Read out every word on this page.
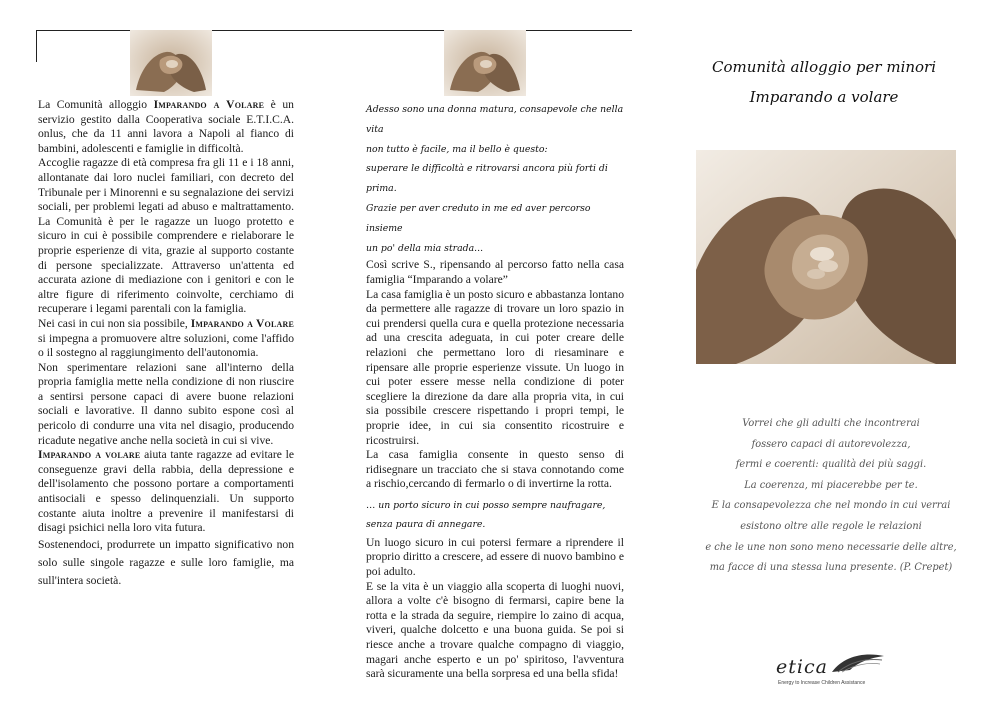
La Comunità alloggio Imparando a Volare è un servizio gestito dalla Cooperativa sociale E.T.I.C.A. onlus, che da 11 anni lavora a Napoli al fianco di bambini, adolescenti e famiglie in difficoltà.

Accoglie ragazze di età compresa fra gli 11 e i 18 anni, allontanate dai loro nuclei familiari, con decreto del Tribunale per i Minorenni e su segnalazione dei servizi sociali, per problemi legati ad abuso e maltrattamento. La Comunità è per le ragazze un luogo protetto e sicuro in cui è possibile comprendere e rielaborare le proprie esperienze di vita, grazie al supporto costante di persone specializzate. Attraverso un'attenta ed accurata azione di mediazione con i genitori e con le altre figure di riferimento coinvolte, cerchiamo di recuperare i legami parentali con la famiglia.

Nei casi in cui non sia possibile, Imparando a Volare si impegna a promuovere altre soluzioni, come l'affido o il sostegno al raggiungimento dell'autonomia.

Non sperimentare relazioni sane all'interno della propria famiglia mette nella condizione di non riuscire a sentirsi persone capaci di avere buone relazioni sociali e lavorative. Il danno subito espone così al pericolo di condurre una vita nel disagio, producendo ricadute negative anche nella società in cui si vive.

Imparando a volare aiuta tante ragazze ad evitare le conseguenze gravi della rabbia, della depressione e dell'isolamento che possono portare a comportamenti antisociali e spesso delinquenziali. Un supporto costante aiuta inoltre a prevenire il manifestarsi di disagi psichici nella loro vita futura.

Sostenendoci, produrrete un impatto significativo non solo sulle singole ragazze e sulle loro famiglie, ma sull'intera società.

Adesso sono una donna matura, consapevole che nella vita
non tutto è facile, ma il bello è questo:
superare le difficoltà e ritrovarsi ancora più forti di prima.
Grazie per aver creduto in me ed aver percorso insieme
un po' della mia strada...

Così scrive S., ripensando al percorso fatto nella casa famiglia “Imparando a volare”

La casa famiglia è un posto sicuro e abbastanza lontano da permettere alle ragazze di trovare un loro spazio in cui prendersi quella cura e quella protezione necessaria ad una crescita adeguata, in cui poter creare delle relazioni che permettano loro di riesaminare e ripensare alle proprie esperienze vissute. Un luogo in cui poter essere messe nella condizione di poter scegliere la direzione da dare alla propria vita, in cui sia possibile crescere rispettando i propri tempi, le proprie idee, in cui sia consentito ricostruire e ricostruirsi.

La casa famiglia consente in questo senso di ridisegnare un tracciato che si stava connotando come a rischio,cercando di fermarlo o di invertirne la rotta.

… un porto sicuro in cui posso sempre naufragare,
senza paura di annegare.

Un luogo sicuro in cui potersi fermare a riprendere il proprio diritto a crescere, ad essere di nuovo bambino e poi adulto.

E se la vita è un viaggio alla scoperta di luoghi nuovi, allora a volte c'è bisogno di fermarsi, capire bene la rotta e la strada da seguire, riempire lo zaino di acqua, viveri, qualche dolcetto e una buona guida. Se poi si riesce anche a trovare qualche compagno di viaggio, magari anche esperto e un po' spiritoso, l'avventura sarà sicuramente una bella sorpresa ed una bella sfida!

Comunità alloggio per minori
Imparando a volare
Vorrei che gli adulti che incontrerai
fossero capaci di autorevolezza,
fermi e coerenti: qualità dei più saggi.
La coerenza, mi piacerebbe per te.
E la consapevolezza che nel mondo in cui verrai
esistono oltre alle regole le relazioni
e che le une non sono meno necessarie delle altre,
ma facce di una stessa luna presente. (P. Crepet)
etica
Energy to Increase Children Assistance
